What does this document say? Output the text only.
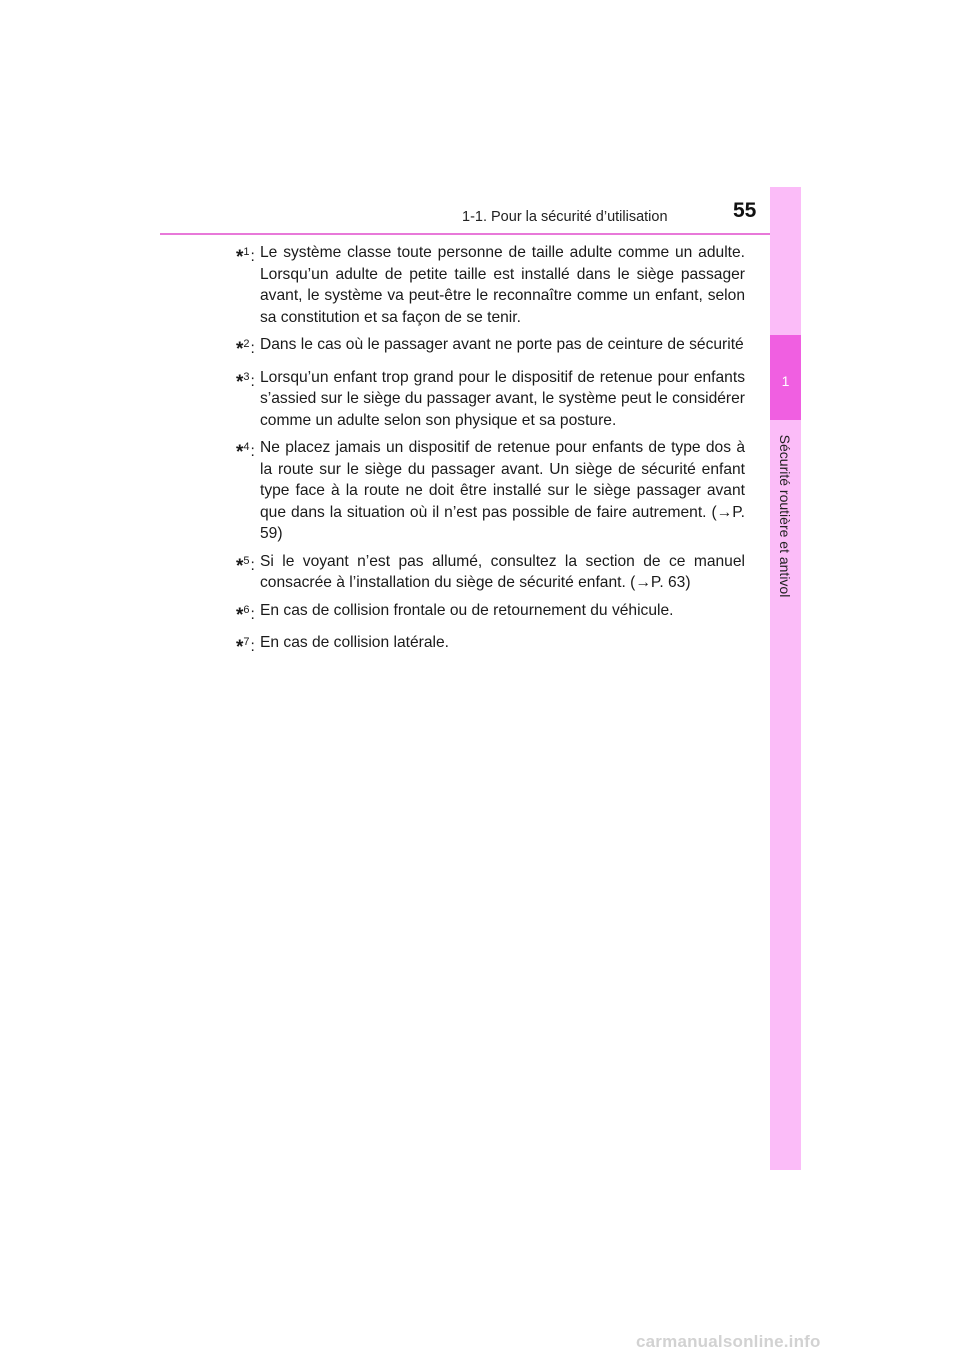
1-1. Pour la sécurité d’utilisation	55
1
Sécurité routière et antivol
*$^1$: Le système classe toute personne de taille adulte comme un adulte. Lorsqu’un adulte de petite taille est installé dans le siège passager avant, le système va peut-être le reconnaître comme un enfant, selon sa constitution et sa façon de se tenir.
*$^2$: Dans le cas où le passager avant ne porte pas de ceinture de sécurité
*$^3$: Lorsqu’un enfant trop grand pour le dispositif de retenue pour enfants s’assied sur le siège du passager avant, le système peut le considérer comme un adulte selon son physique et sa posture.
*$^4$: Ne placez jamais un dispositif de retenue pour enfants de type dos à la route sur le siège du passager avant. Un siège de sécurité enfant type face à la route ne doit être installé sur le siège passager avant que dans la situation où il n’est pas possible de faire autrement. (→P. 59)
*$^5$: Si le voyant n’est pas allumé, consultez la section de ce manuel consacrée à l’installation du siège de sécurité enfant. (→P. 63)
*$^6$: En cas de collision frontale ou de retournement du véhicule.
*$^7$: En cas de collision latérale.
carmanualsonline.info
